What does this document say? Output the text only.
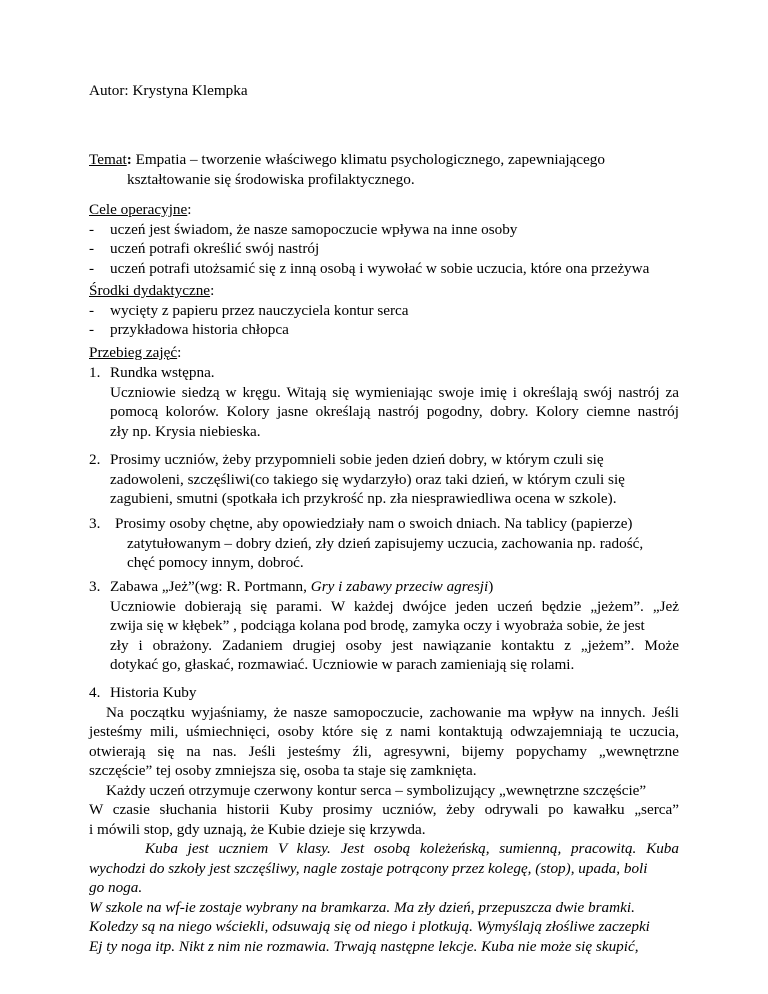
Autor: Krystyna Klempka

Temat: Empatia – tworzenie właściwego klimatu psychologicznego, zapewniającego

kształtowanie się środowiska profilaktycznego.

Cele operacyjne:

-	uczeń jest świadom, że nasze samopoczucie wpływa na inne osoby
-	uczeń potrafi określić swój nastrój
-	uczeń potrafi utożsamić się z inną osobą i wywołać w sobie uczucia, które ona przeżywa

Środki dydaktyczne:

-	wycięty z papieru przez nauczyciela kontur serca
-	przykładowa historia chłopca

Przebieg zajęć:

1. Rundka wstępna.

Uczniowie siedzą w kręgu. Witają się wymieniając swoje imię i określają swój nastrój za

pomocą kolorów. Kolory jasne określają nastrój pogodny, dobry. Kolory ciemne nastrój

zły np. Krysia niebieska.

2. Prosimy uczniów, żeby przypomnieli sobie jeden dzień dobry, w którym czuli się

zadowoleni, szczęśliwi(co takiego się wydarzyło) oraz taki dzień, w którym czuli się

zagubieni, smutni (spotkała ich przykrość np. zła niesprawiedliwa ocena w szkole).

3. Prosimy osoby chętne, aby opowiedziały nam o swoich dniach. Na tablicy (papierze)

zatytułowanym – dobry dzień, zły dzień zapisujemy uczucia, zachowania np. radość,

chęć pomocy innym, dobroć.

3. Zabawa „Jeż”(wg: R. Portmann, Gry i zabawy przeciw agresji)

Uczniowie dobierają się parami. W każdej dwójce jeden uczeń będzie „jeżem”. „Jeż

zwija się w kłębek” , podciąga kolana pod brodę, zamyka oczy i wyobraża sobie, że jest

zły i obrażony. Zadaniem drugiej osoby jest nawiązanie kontaktu z „jeżem”. Może

dotykać go, głaskać, rozmawiać. Uczniowie w parach zamieniają się rolami.

4. Historia Kuby

Na początku wyjaśniamy, że nasze samopoczucie, zachowanie ma wpływ na innych. Jeśli

jesteśmy mili, uśmiechnięci, osoby które się z nami kontaktują odwzajemniają te uczucia,

otwierają się na nas. Jeśli jesteśmy źli, agresywni, bijemy popychamy „wewnętrzne

szczęście” tej osoby zmniejsza się, osoba ta staje się zamknięta.

Każdy uczeń otrzymuje czerwony kontur serca – symbolizujący „wewnętrzne szczęście”

W czasie słuchania historii Kuby prosimy uczniów, żeby odrywali po kawałku „serca”

i mówili stop, gdy uznają, że Kubie dzieje się krzywda.

Kuba jest uczniem V klasy. Jest osobą koleżeńską, sumienną, pracowitą. Kuba

wychodzi do szkoły jest szczęśliwy, nagle zostaje potrącony przez kolegę, (stop), upada, boli

go noga.

W szkole na wf-ie zostaje wybrany na bramkarza. Ma zły dzień, przepuszcza dwie bramki.

Koledzy są na niego wściekli, odsuwają się od niego i plotkują. Wymyślają złośliwe zaczepki

Ej ty noga itp. Nikt z nim nie rozmawia. Trwają następne lekcje. Kuba nie może się skupić,
